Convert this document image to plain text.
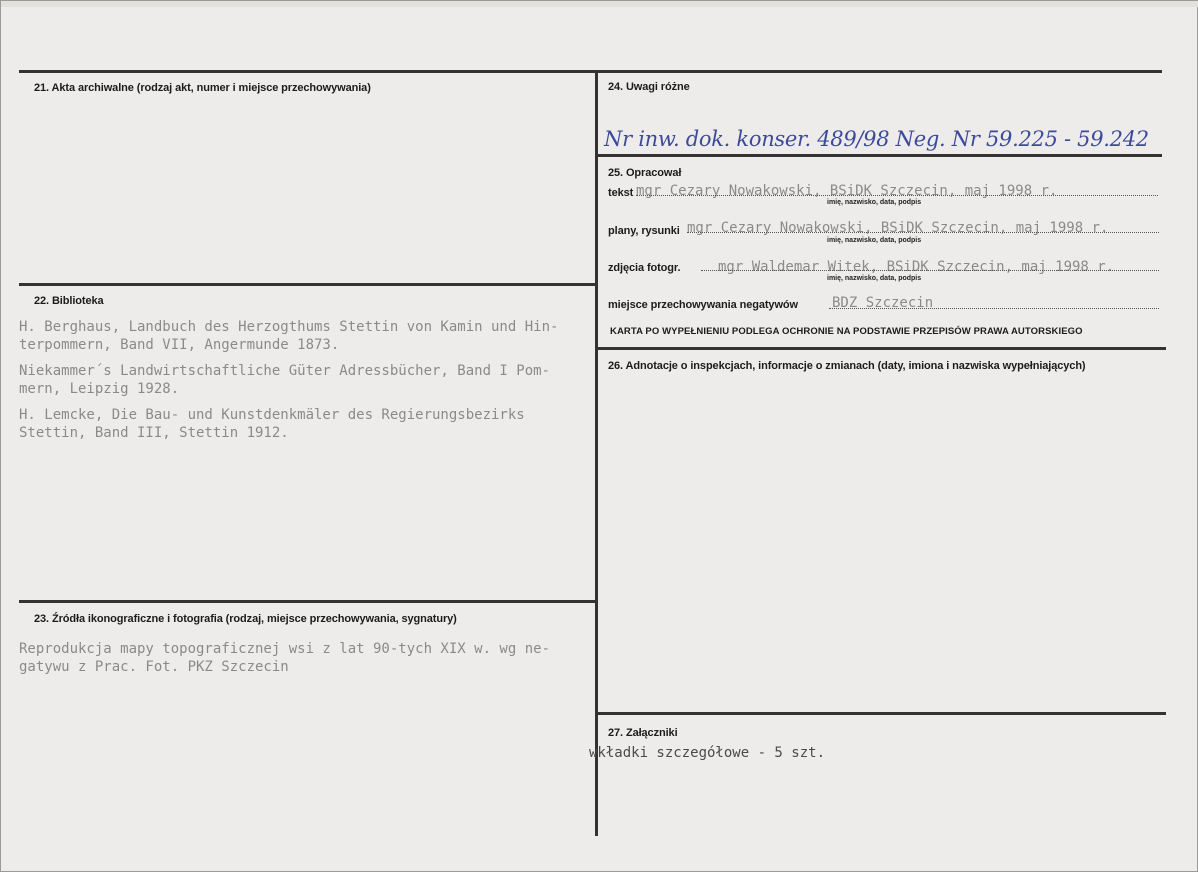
21. Akta archiwalne (rodzaj akt, numer i miejsce przechowywania)
22. Biblioteka
H. Berghaus, Landbuch des Herzogthums Stettin von Kamin und Hin-
terpommern, Band VII, Angermunde 1873.
Niekammer´s Landwirtschaftliche Güter Adressbücher, Band I Pom-
mern, Leipzig 1928.
H. Lemcke, Die Bau- und Kunstdenkmäler des Regierungsbezirks
Stettin, Band III, Stettin 1912.
23. Źródła ikonograficzne i fotografia (rodzaj, miejsce przechowywania, sygnatury)
Reprodukcja mapy topograficznej wsi z lat 90-tych XIX w. wg ne-
gatywu z Prac. Fot. PKZ Szczecin
24. Uwagi różne
Nr inw. dok. konser. 489/98 Neg. Nr 59.225 - 59.242
25. Opracował
tekst mgr Cezary Nowakowski, BSiDK Szczecin, maj 1998 r.
imię, nazwisko, data, podpis
plany, rysunki mgr Cezary Nowakowski, BSiDK Szczecin, maj 1998 r.
imię, nazwisko, data, podpis
zdjęcia fotogr.	mgr Waldemar Witek, BSiDK Szczecin, maj 1998 r.
imię, nazwisko, data, podpis
miejsce przechowywania negatywów BDZ Szczecin
KARTA PO WYPEŁNIENIU PODLEGA OCHRONIE NA PODSTAWIE PRZEPISÓW PRAWA AUTORSKIEGO
26. Adnotacje o inspekcjach, informacje o zmianach (daty, imiona i nazwiska wypełniających)
27. Załączniki
wkładki szczegółowe - 5 szt.
